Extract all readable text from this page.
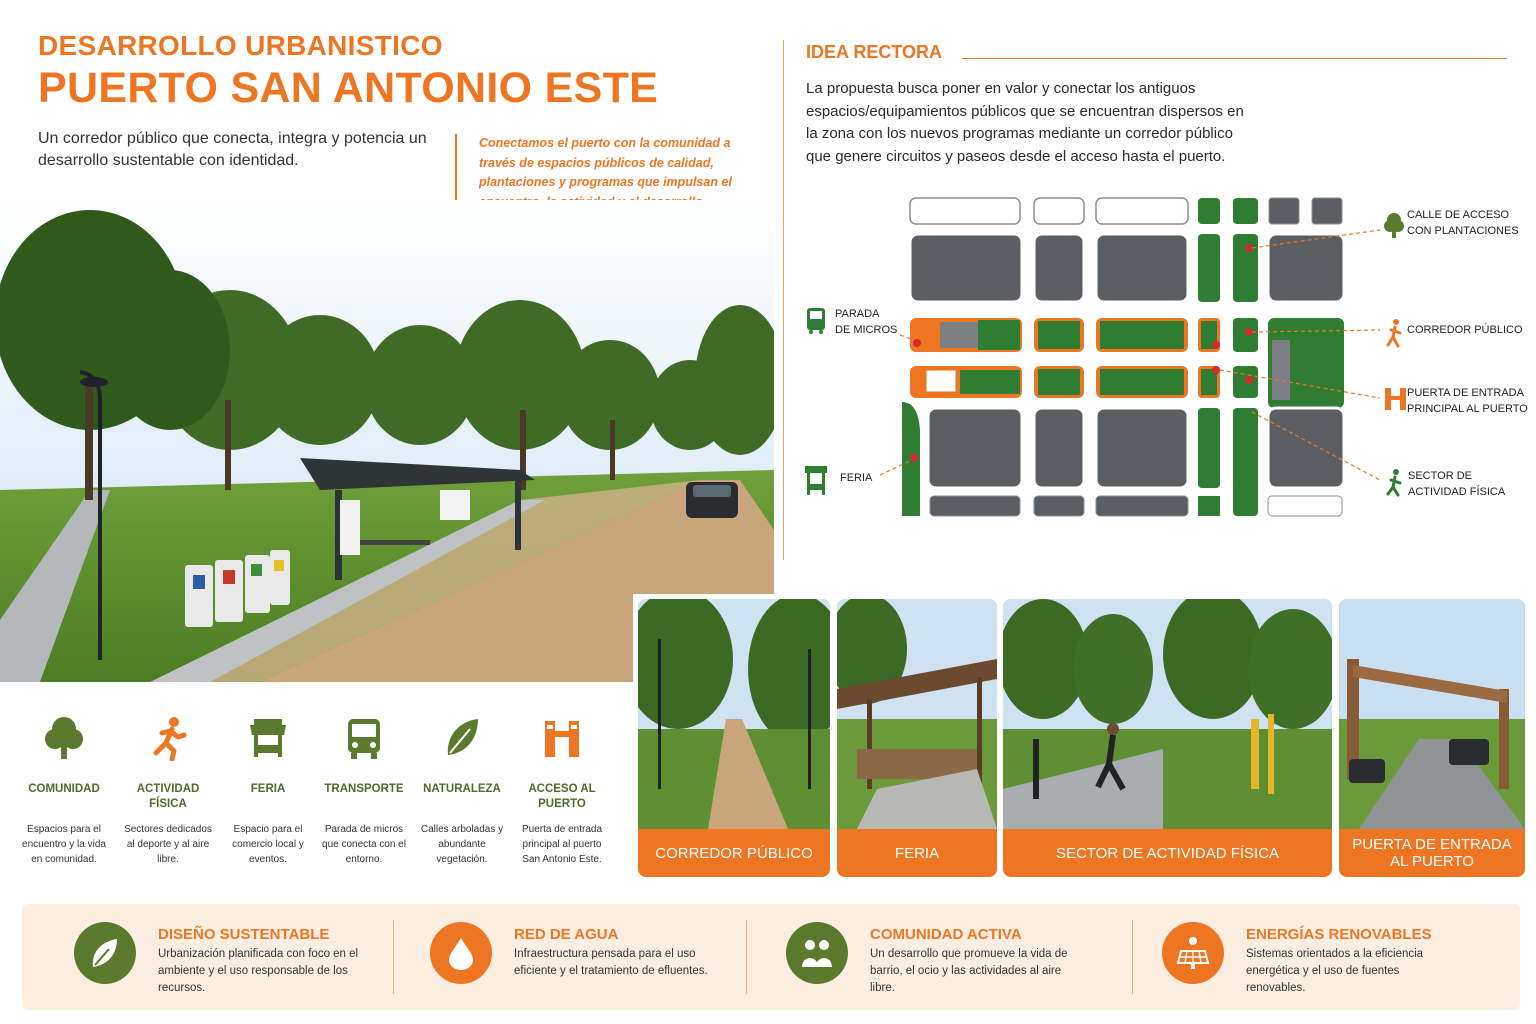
DESARROLLO URBANISTICO
PUERTO SAN ANTONIO ESTE
Un corredor público que conecta, integra y potencia un desarrollo sustentable con identidad.
Conectamos el puerto con la comunidad a través de espacios públicos de calidad, plantaciones y programas que impulsan el
IDEA RECTORA
La propuesta busca poner en valor y conectar los antiguos espacios/equipamientos públicos que se encuentran dispersos en la zona con los nuevos programas mediante un corredor público que genere circuitos y paseos desde el acceso hasta el puerto.
CALLE DE ACCESO
CON PLANTACIONES
CORREDOR PÚBLICO
PUERTA DE ENTRADA
PRINCIPAL AL PUERTO
SECTOR DE
ACTIVIDAD FÍSICA
PARADA
DE MICROS
FERIA
COMUNIDAD
Espacios para el encuentro y la vida en comunidad.
ACTIVIDAD FÍSICA
Sectores dedicados al deporte y al aire libre.
FERIA
Espacio para el comercio local y eventos.
TRANSPORTE
Parada de micros que conecta con el entorno.
NATURALEZA
Calles arboladas y abundante vegetación.
ACCESO AL PUERTO
Puerta de entrada principal al puerto San Antonio Este.	CORREDOR PÚBLICO	FERIA	SECTOR DE ACTIVIDAD FÍSICA	PUERTA DE ENTRADA AL PUERTO
DISEÑO SUSTENTABLE
Urbanización planificada con foco en el ambiente y el uso responsable de los recursos.
RED DE AGUA
Infraestructura pensada para el uso eficiente y el tratamiento de efluentes.
COMUNIDAD ACTIVA
Un desarrollo que promueve la vida de barrio, el ocio y las actividades al aire libre.
ENERGÍAS RENOVABLES
Sistemas orientados a la eficiencia energética y el uso de fuentes renovables.
